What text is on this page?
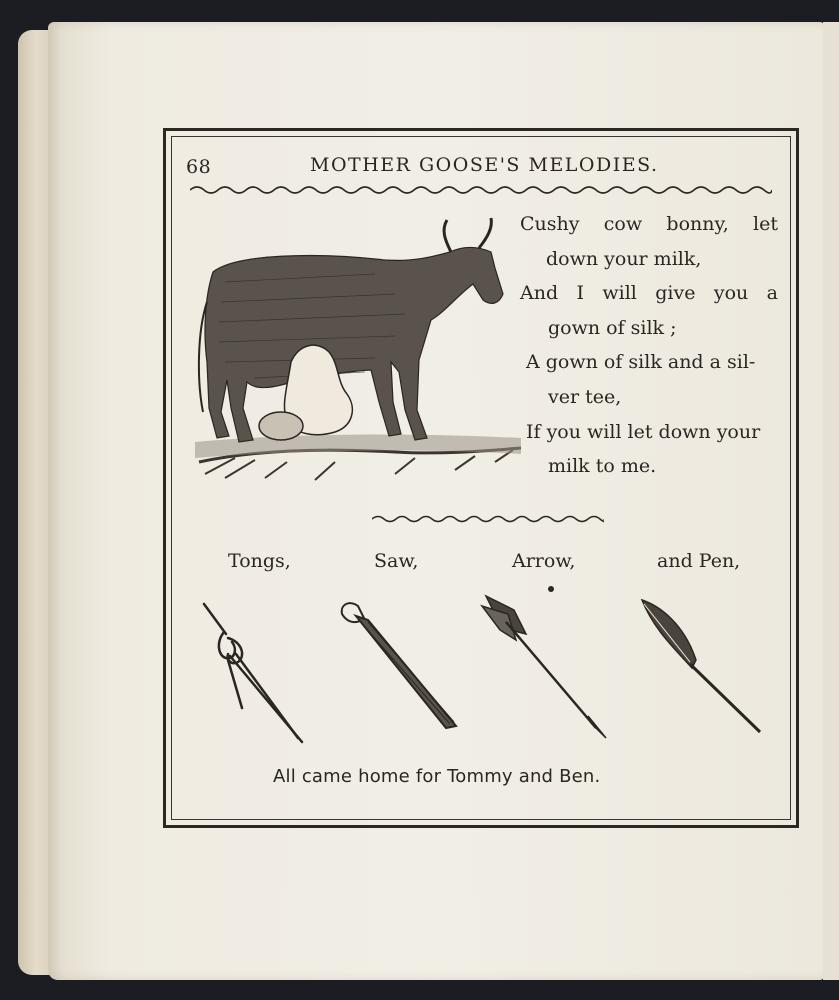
68	MOTHER GOOSE'S MELODIES.
Cushy cow bonny, let
down your milk,
And I will give you a
gown of silk ;
A gown of silk and a sil-
ver tee,
If you will let down your
milk to me.
Tongs,	Saw,	Arrow,	and Pen,
All came home for Tommy and Ben.
